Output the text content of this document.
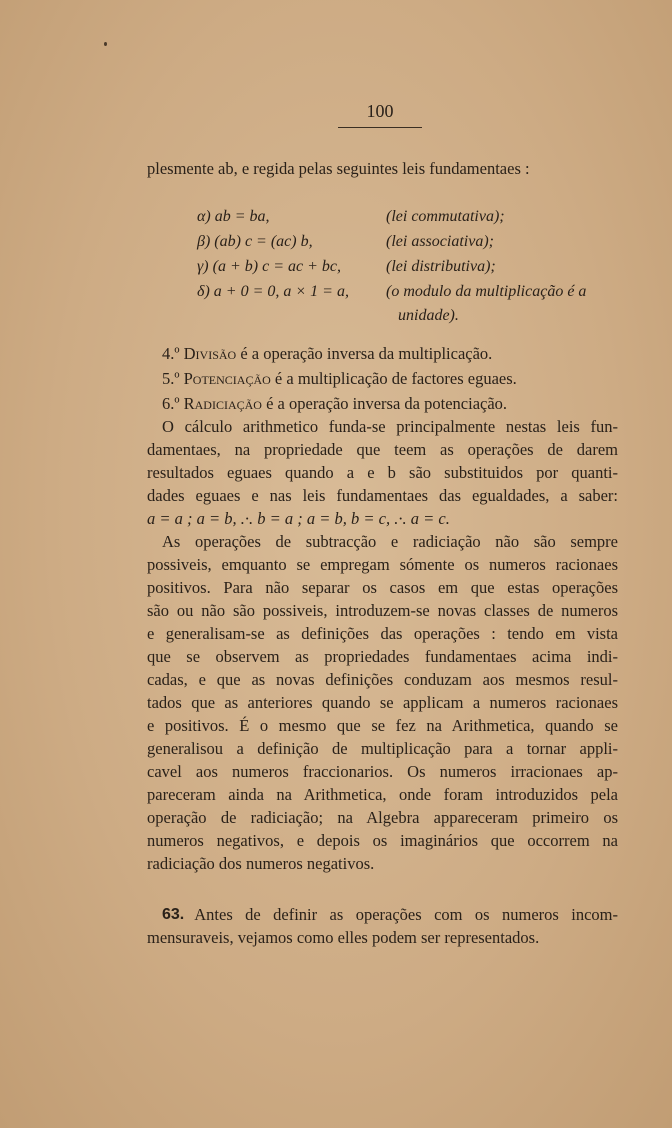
100
plesmente ab, e regida pelas seguintes leis fundamentaes :
α) ab = ba,	(lei commutativa);
β) (ab) c = (ac) b,	(lei associativa);
γ) (a + b) c = ac + bc,	(lei distributiva);
δ) a + 0 = 0, a × 1 = a, (o modulo da multiplicação é a
unidade).
4.º Divisão é a operação inversa da multiplicação.
5.º Potenciação é a multiplicação de factores eguaes.
6.º Radiciação é a operação inversa da potenciação.
O cálculo arithmetico funda-se principalmente nestas leis fun-
damentaes, na propriedade que teem as operações de darem
resultados eguaes quando a e b são substituidos por quanti-
dades eguaes e nas leis fundamentaes das egualdades, a saber:
a = a ; a = b, .·. b = a ; a = b, b = c, .·. a = c.
As operações de subtracção e radiciação não são sempre
possiveis, emquanto se empregam sómente os numeros racionaes
positivos. Para não separar os casos em que estas operações
são ou não são possiveis, introduzem-se novas classes de numeros
e generalisam-se as definições das operações : tendo em vista
que se observem as propriedades fundamentaes acima indi-
cadas, e que as novas definições conduzam aos mesmos resul-
tados que as anteriores quando se applicam a numeros racionaes
e positivos. É o mesmo que se fez na Arithmetica, quando se
generalisou a definição de multiplicação para a tornar appli-
cavel aos numeros fraccionarios. Os numeros irracionaes ap-
pareceram ainda na Arithmetica, onde foram introduzidos pela
operação de radiciação; na Algebra appareceram primeiro os
numeros negativos, e depois os imaginários que occorrem na
radiciação dos numeros negativos.
63. Antes de definir as operações com os numeros incom-
mensuraveis, vejamos como elles podem ser representados.
